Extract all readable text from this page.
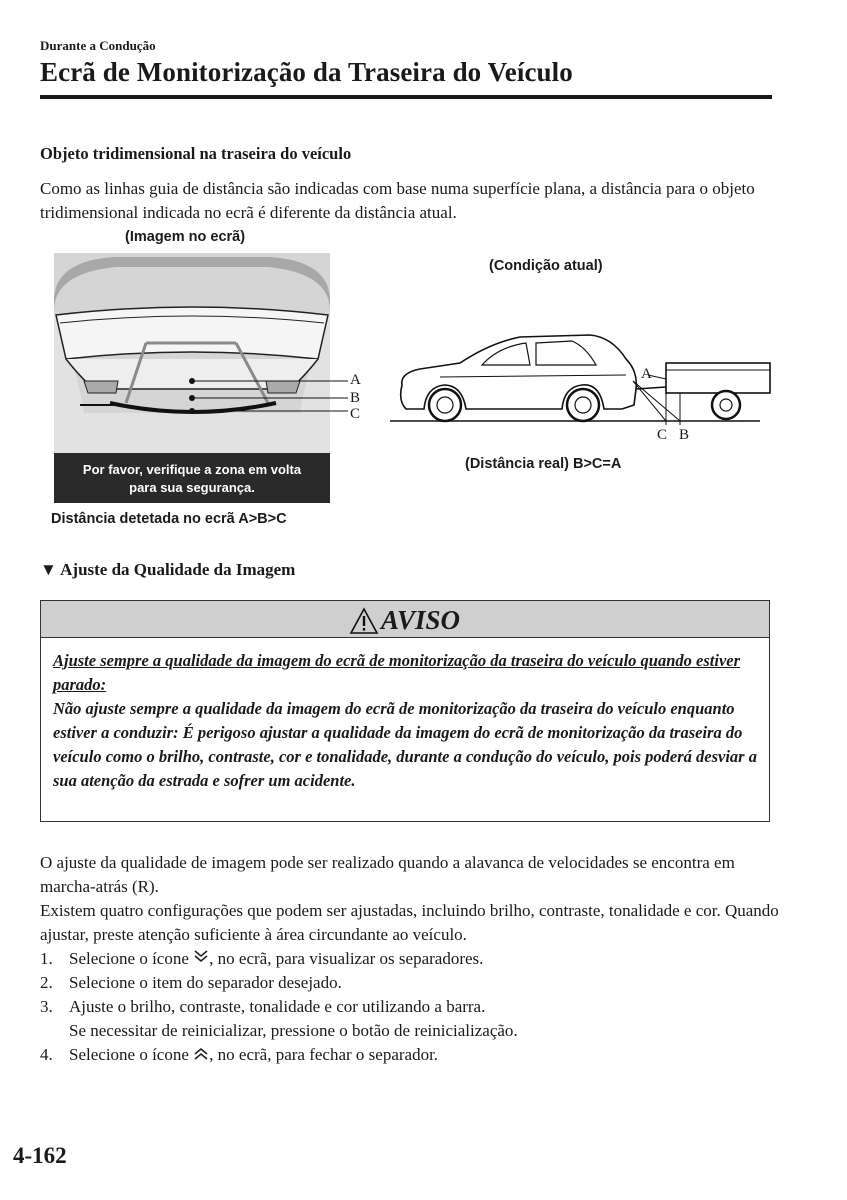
Durante a Condução
Ecrã de Monitorização da Traseira do Veículo
Objeto tridimensional na traseira do veículo
Como as linhas guia de distância são indicadas com base numa superfície plana, a distância para o objeto tridimensional indicada no ecrã é diferente da distância atual.
(Imagem no ecrã)
A
B
C
Por favor, verifique a zona em volta
para sua segurança.
Distância detetada no ecrã A>B>C
(Condição atual)
A
C B
(Distância real) B>C=A
▼ Ajuste da Qualidade da Imagem
AVISO
Ajuste sempre a qualidade da imagem do ecrã de monitorização da traseira do veículo quando estiver parado:
Não ajuste sempre a qualidade da imagem do ecrã de monitorização da traseira do veículo enquanto estiver a conduzir: É perigoso ajustar a qualidade da imagem do ecrã de monitorização da traseira do veículo como o brilho, contraste, cor e tonalidade, durante a condução do veículo, pois poderá desviar a sua atenção da estrada e sofrer um acidente.
O ajuste da qualidade de imagem pode ser realizado quando a alavanca de velocidades se encontra em marcha-atrás (R).
Existem quatro configurações que podem ser ajustadas, incluindo brilho, contraste, tonalidade e cor. Quando ajustar, preste atenção suficiente à área circundante ao veículo.
1. Selecione o ícone , no ecrã, para visualizar os separadores.
2. Selecione o item do separador desejado.
3. Ajuste o brilho, contraste, tonalidade e cor utilizando a barra.
Se necessitar de reinicializar, pressione o botão de reinicialização.
4. Selecione o ícone , no ecrã, para fechar o separador.
4-162
